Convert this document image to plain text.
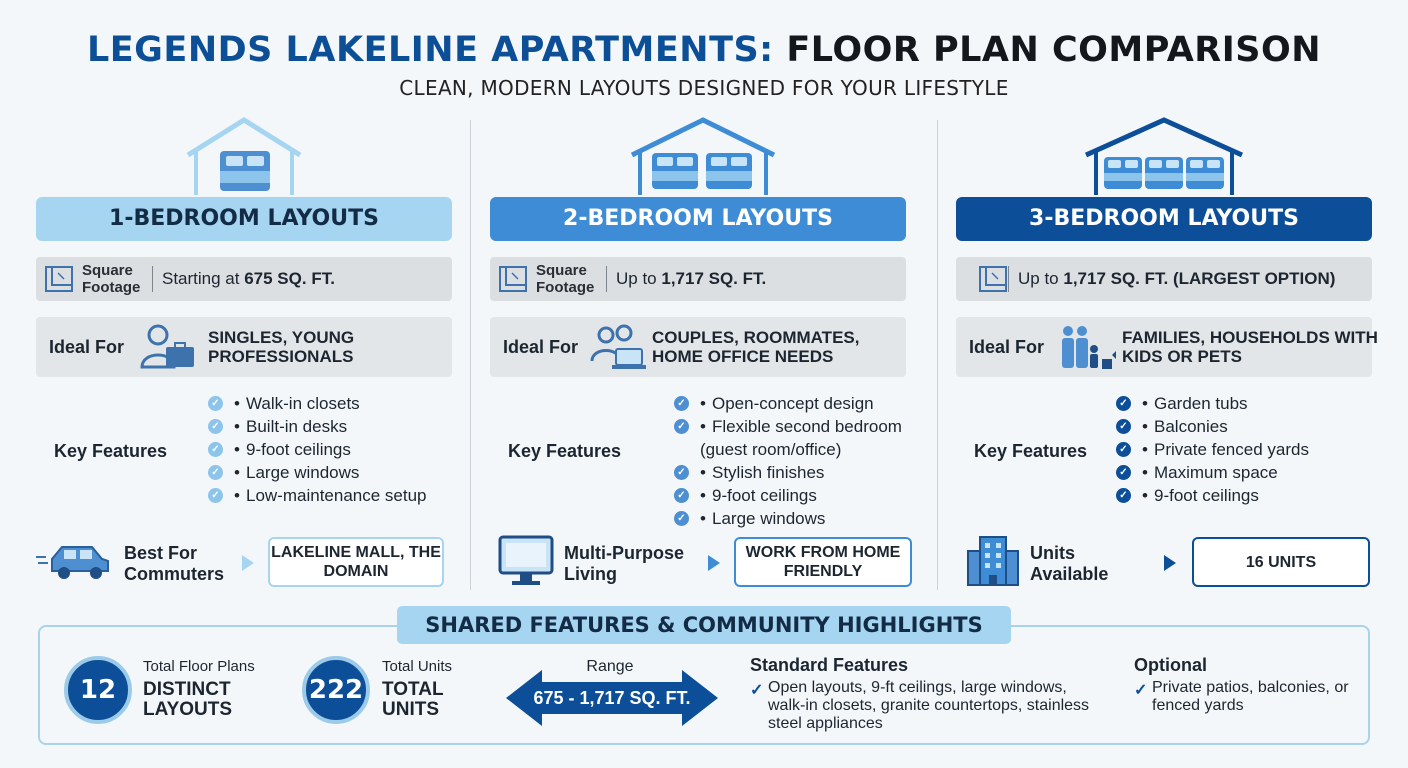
LEGENDS LAKELINE APARTMENTS: FLOOR PLAN COMPARISON
CLEAN, MODERN LAYOUTS DESIGNED FOR YOUR LIFESTYLE
1-BEDROOM LAYOUTS
Square Footage	Starting at 675 SQ. FT.
Ideal For	SINGLES, YOUNG PROFESSIONALS
Key Features
✓ • Walk-in closets
✓ • Built-in desks
✓ • 9-foot ceilings
✓ • Large windows
✓ • Low-maintenance setup
Best For Commuters
LAKELINE MALL, THE DOMAIN
2-BEDROOM LAYOUTS
Square Footage	Up to 1,717 SQ. FT.
Ideal For	COUPLES, ROOMMATES, HOME OFFICE NEEDS
Key Features
✓ • Open-concept design
✓ • Flexible second bedroom (guest room/office)
✓ • Stylish finishes
✓ • 9-foot ceilings
✓ • Large windows
Multi-Purpose Living
WORK FROM HOME FRIENDLY
3-BEDROOM LAYOUTS
Up to 1,717 SQ. FT. (LARGEST OPTION)
Ideal For	FAMILIES, HOUSEHOLDS WITH KIDS OR PETS
Key Features
✓ • Garden tubs
✓ • Balconies
✓ • Private fenced yards
✓ • Maximum space
✓ • 9-foot ceilings
Units Available
16 UNITS
SHARED FEATURES & COMMUNITY HIGHLIGHTS
12
Total Floor Plans
DISTINCT LAYOUTS
222
Total Units
TOTAL UNITS
Range
675 - 1,717 SQ. FT.
Standard Features
✓ Open layouts, 9-ft ceilings, large windows, walk-in closets, granite countertops, stainless steel appliances
Optional
✓ Private patios, balconies, or fenced yards
